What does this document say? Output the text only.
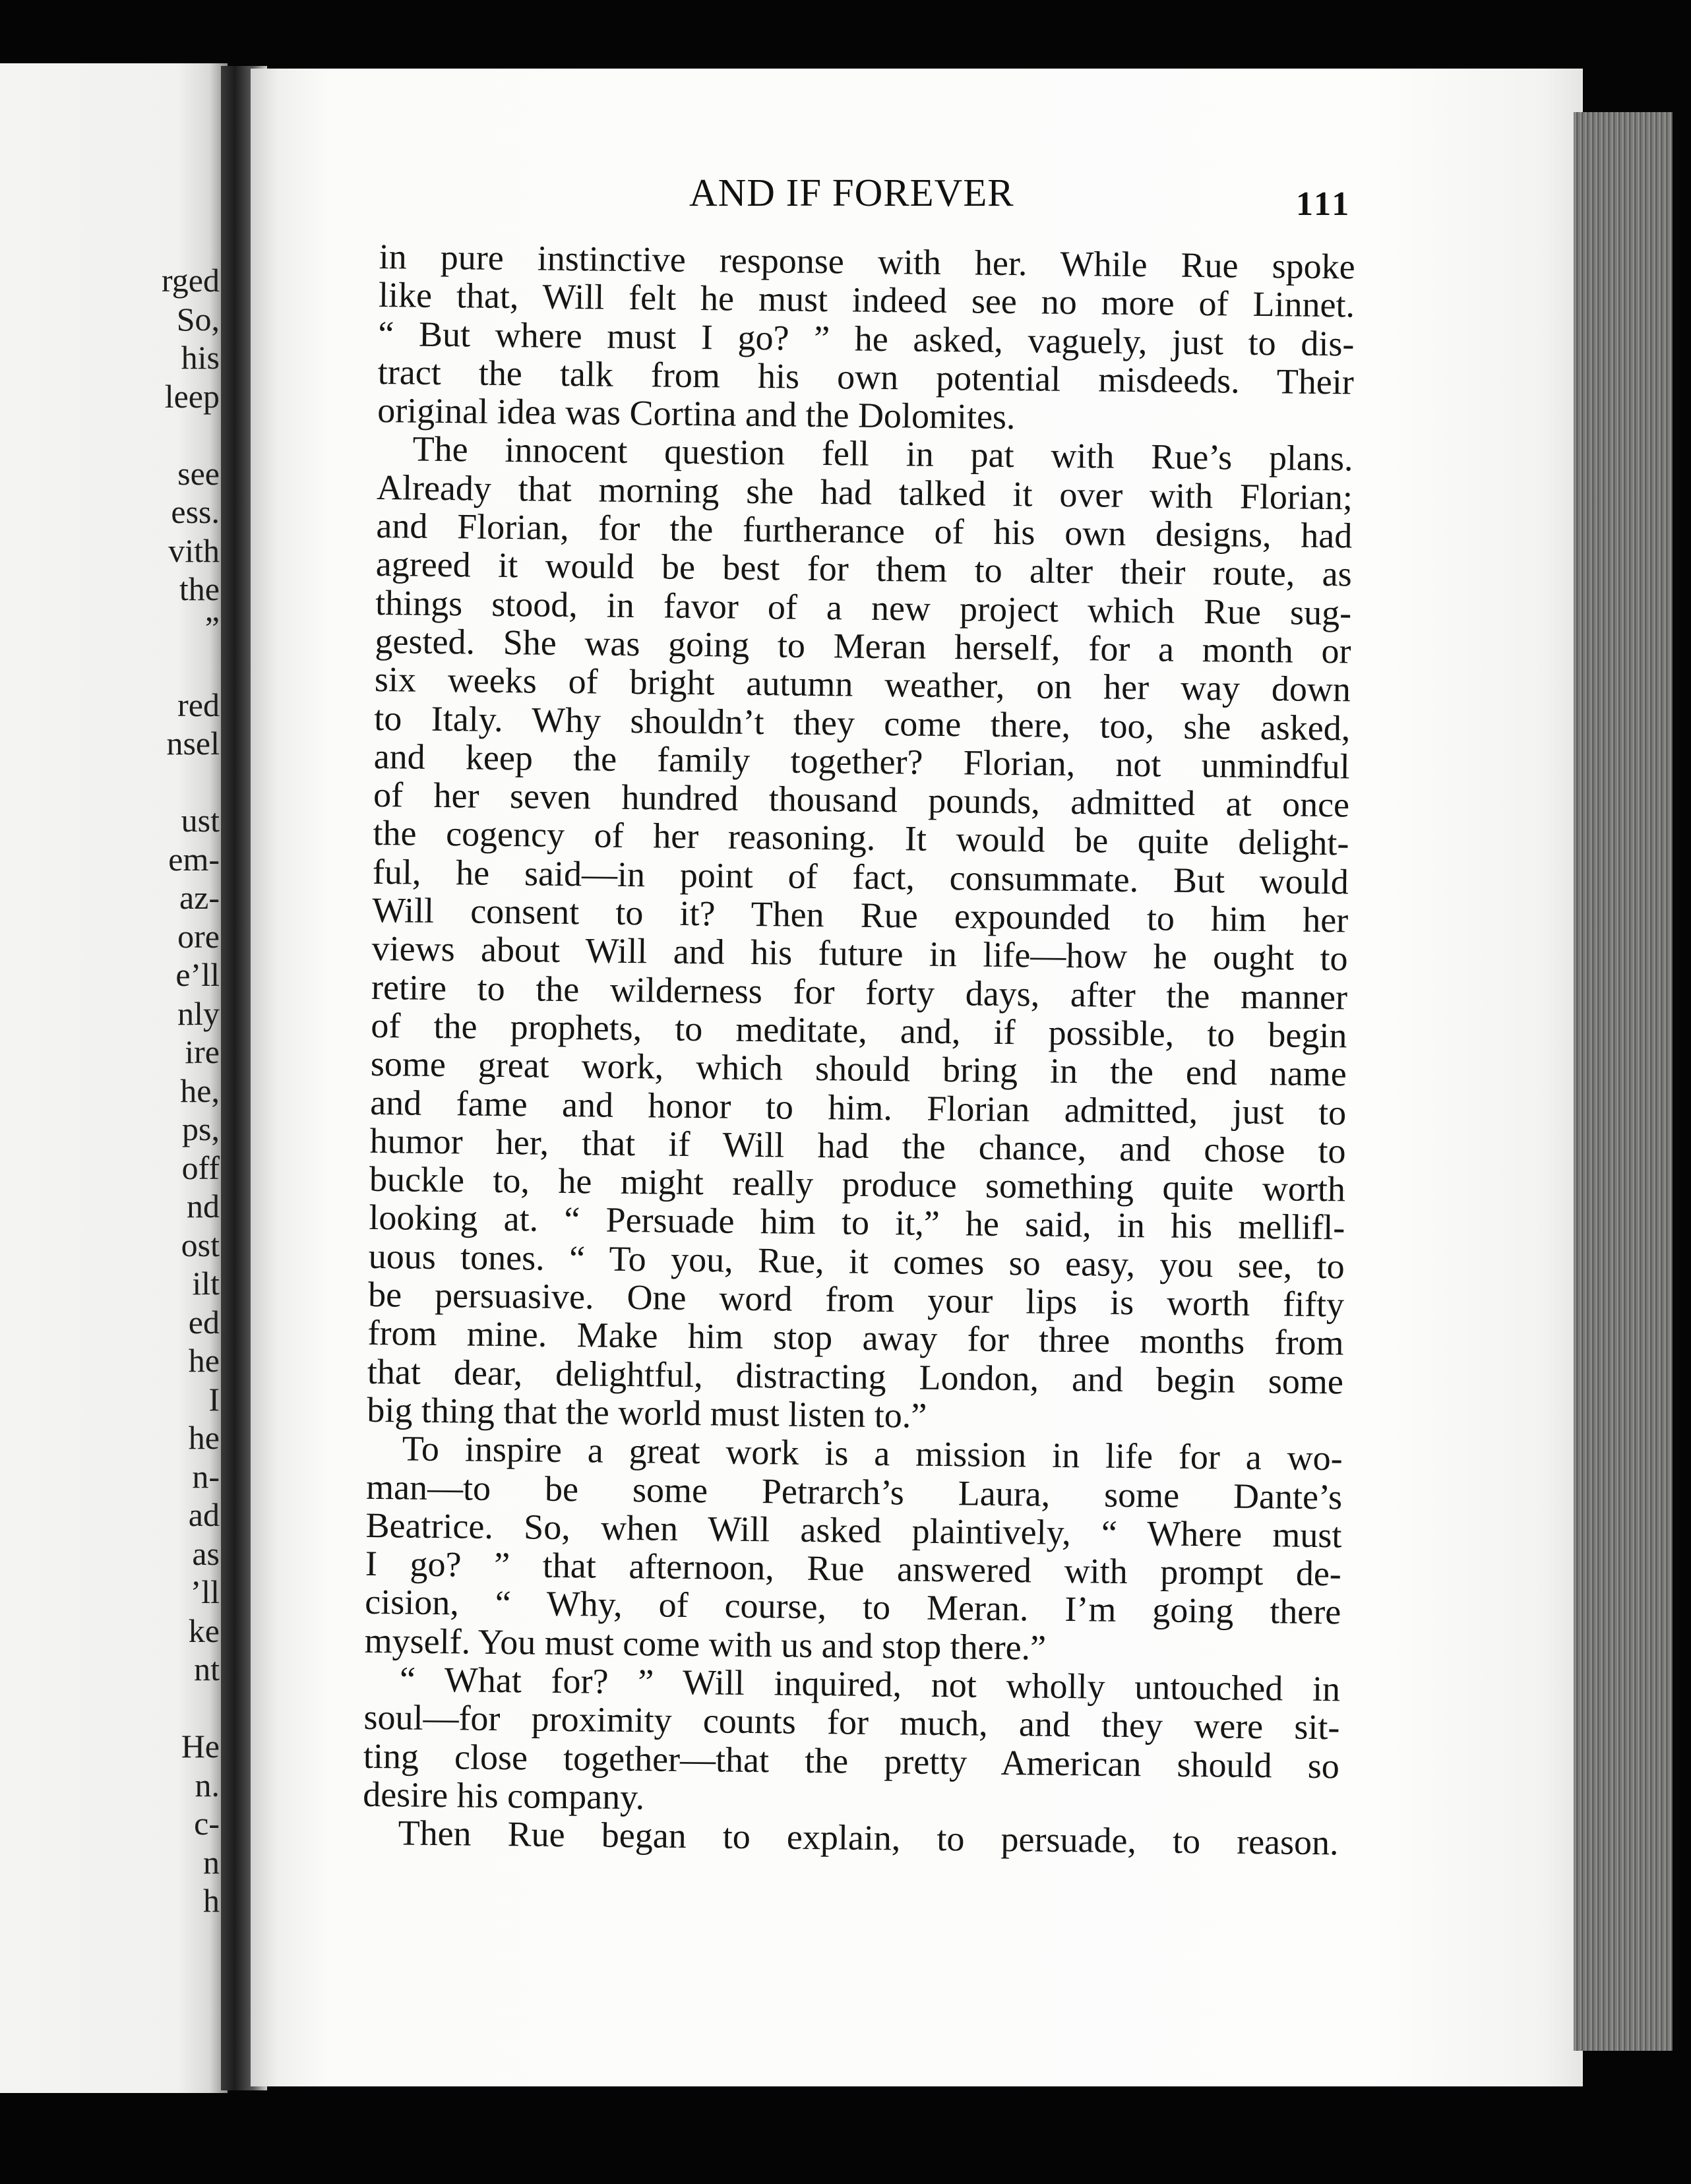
rged
So,
his
leep
see
ess.
vith
the
”
red
nsel
ust
em-
az-
ore
e’ll
nly
ire
he,
ps,
off
nd
ost
ilt
ed
he
I
he
n-
ad
as
’ll
ke
nt
He
n.
c-
n
h
AND IF FOREVER	111
in pure instinctive response with her. While Rue spoke
like that, Will felt he must indeed see no more of Linnet.
“ But where must I go? ” he asked, vaguely, just to dis-
tract the talk from his own potential misdeeds. Their
original idea was Cortina and the Dolomites.
The innocent question fell in pat with Rue’s plans.
Already that morning she had talked it over with Florian;
and Florian, for the furtherance of his own designs, had
agreed it would be best for them to alter their route, as
things stood, in favor of a new project which Rue sug-
gested. She was going to Meran herself, for a month or
six weeks of bright autumn weather, on her way down
to Italy. Why shouldn’t they come there, too, she asked,
and keep the family together? Florian, not unmindful
of her seven hundred thousand pounds, admitted at once
the cogency of her reasoning. It would be quite delight-
ful, he said—in point of fact, consummate. But would
Will consent to it? Then Rue expounded to him her
views about Will and his future in life—how he ought to
retire to the wilderness for forty days, after the manner
of the prophets, to meditate, and, if possible, to begin
some great work, which should bring in the end name
and fame and honor to him. Florian admitted, just to
humor her, that if Will had the chance, and chose to
buckle to, he might really produce something quite worth
looking at. “ Persuade him to it,” he said, in his mellifl-
uous tones. “ To you, Rue, it comes so easy, you see, to
be persuasive. One word from your lips is worth fifty
from mine. Make him stop away for three months from
that dear, delightful, distracting London, and begin some
big thing that the world must listen to.”
To inspire a great work is a mission in life for a wo-
man—to be some Petrarch’s Laura, some Dante’s
Beatrice. So, when Will asked plaintively, “ Where must
I go? ” that afternoon, Rue answered with prompt de-
cision, “ Why, of course, to Meran. I’m going there
myself. You must come with us and stop there.”
“ What for? ” Will inquired, not wholly untouched in
soul—for proximity counts for much, and they were sit-
ting close together—that the pretty American should so
desire his company.
Then Rue began to explain, to persuade, to reason.
